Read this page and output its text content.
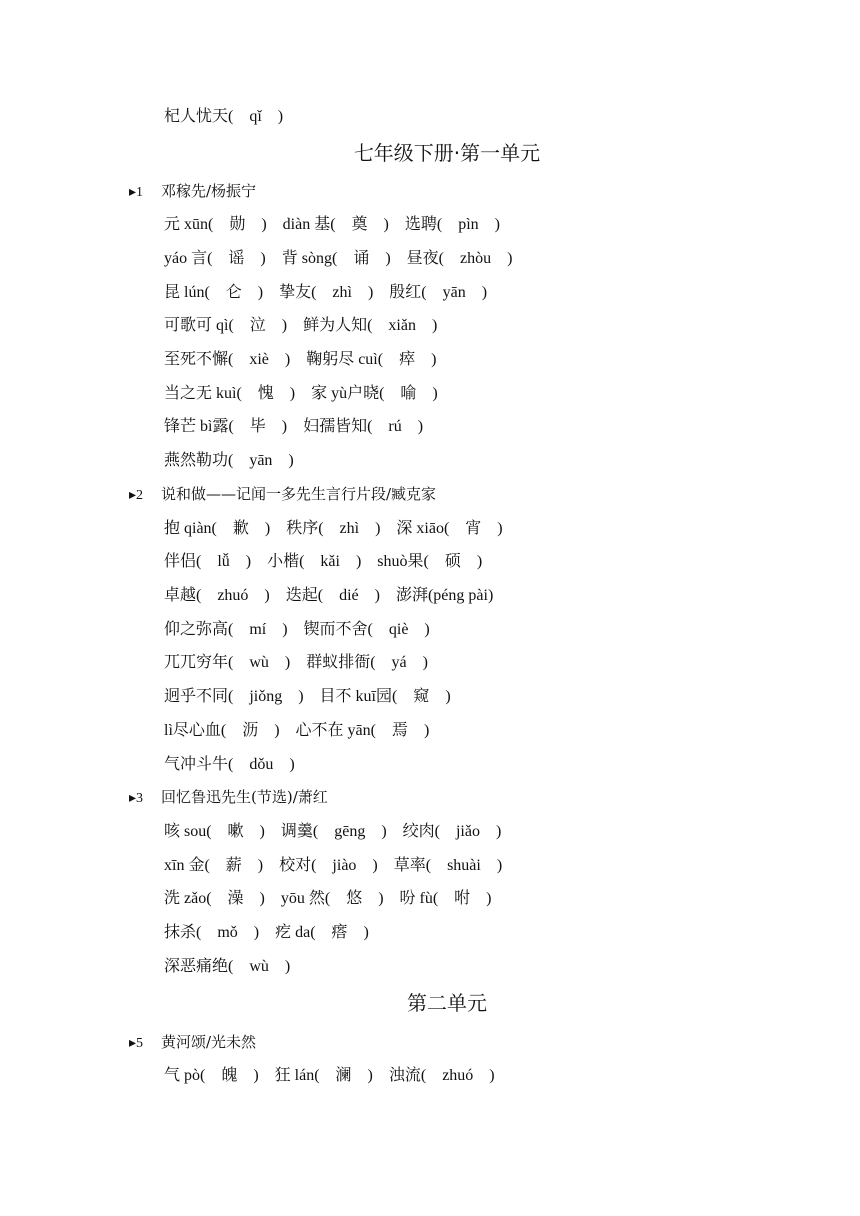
杞人忧天(    qǐ    )
七年级下册·第一单元
▸1 邓稼先/杨振宁
元 xūn(    勋    )    diàn 基(    奠    )    选聘(    pìn    )
yáo 言(    谣    )    背 sòng(    诵    )    昼夜(    zhòu    )
昆 lún(    仑    )    挚友(    zhì    )    殷红(    yān    )
可歌可 qì(    泣    )    鲜为人知(    xiǎn    )
至死不懈(    xiè    )    鞠躬尽 cuì(    瘁    )
当之无 kuì(    愧    )    家 yù户晓(    喻    )
锋芒 bì露(    毕    )    妇孺皆知(    rú    )
燕然勒功(    yān    )
▸2 说和做——记闻一多先生言行片段/臧克家
抱 qiàn(    歉    )    秩序(    zhì    )    深 xiāo(    宵    )
伴侣(    lǚ    )    小楷(    kǎi    )    shuò果(    硕    )
卓越(    zhuó    )    迭起(    dié    )    澎湃(péng pài)
仰之弥高(    mí    )    锲而不舍(    qiè    )
兀兀穷年(    wù    )    群蚁排衙(    yá    )
迥乎不同(    jiǒng    )    目不 kuī园(    窥    )
lì尽心血(    沥    )    心不在 yān(    焉    )
气冲斗牛(    dǒu    )
▸3 回忆鲁迅先生(节选)/萧红
咳 sou(    嗽    )    调羹(    gēng    )    绞肉(    jiǎo    )
xīn 金(    薪    )    校对(    jiào    )    草率(    shuài    )
洗 zǎo(    澡    )    yōu 然(    悠    )    吩 fù(    咐    )
抹杀(    mǒ    )    疙 da(    瘩    )
深恶痛绝(    wù    )
第二单元
▸5 黄河颂/光未然
气 pò(    魄    )    狂 lán(    澜    )    浊流(    zhuó    )
